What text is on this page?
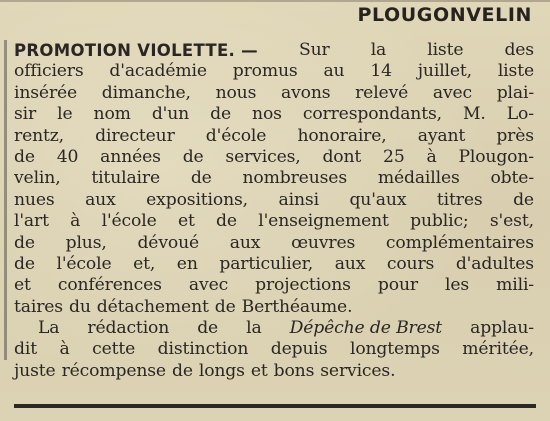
PLOUGONVELIN
PROMOTION VIOLETTE. — Sur la liste des
officiers d'académie promus au 14 juillet, liste
insérée dimanche, nous avons relevé avec plai-
sir le nom d'un de nos correspondants, M. Lo-
rentz, directeur d'école honoraire, ayant près
de 40 années de services, dont 25 à Plougon-
velin, titulaire de nombreuses médailles obte-
nues aux expositions, ainsi qu'aux titres de
l'art à l'école et de l'enseignement public; s'est,
de plus, dévoué aux œuvres complémentaires
de l'école et, en particulier, aux cours d'adultes
et conférences avec projections pour les mili-
taires du détachement de Berthéaume.
La rédaction de la Dépêche de Brest applau-
dit à cette distinction depuis longtemps méritée,
juste récompense de longs et bons services.
